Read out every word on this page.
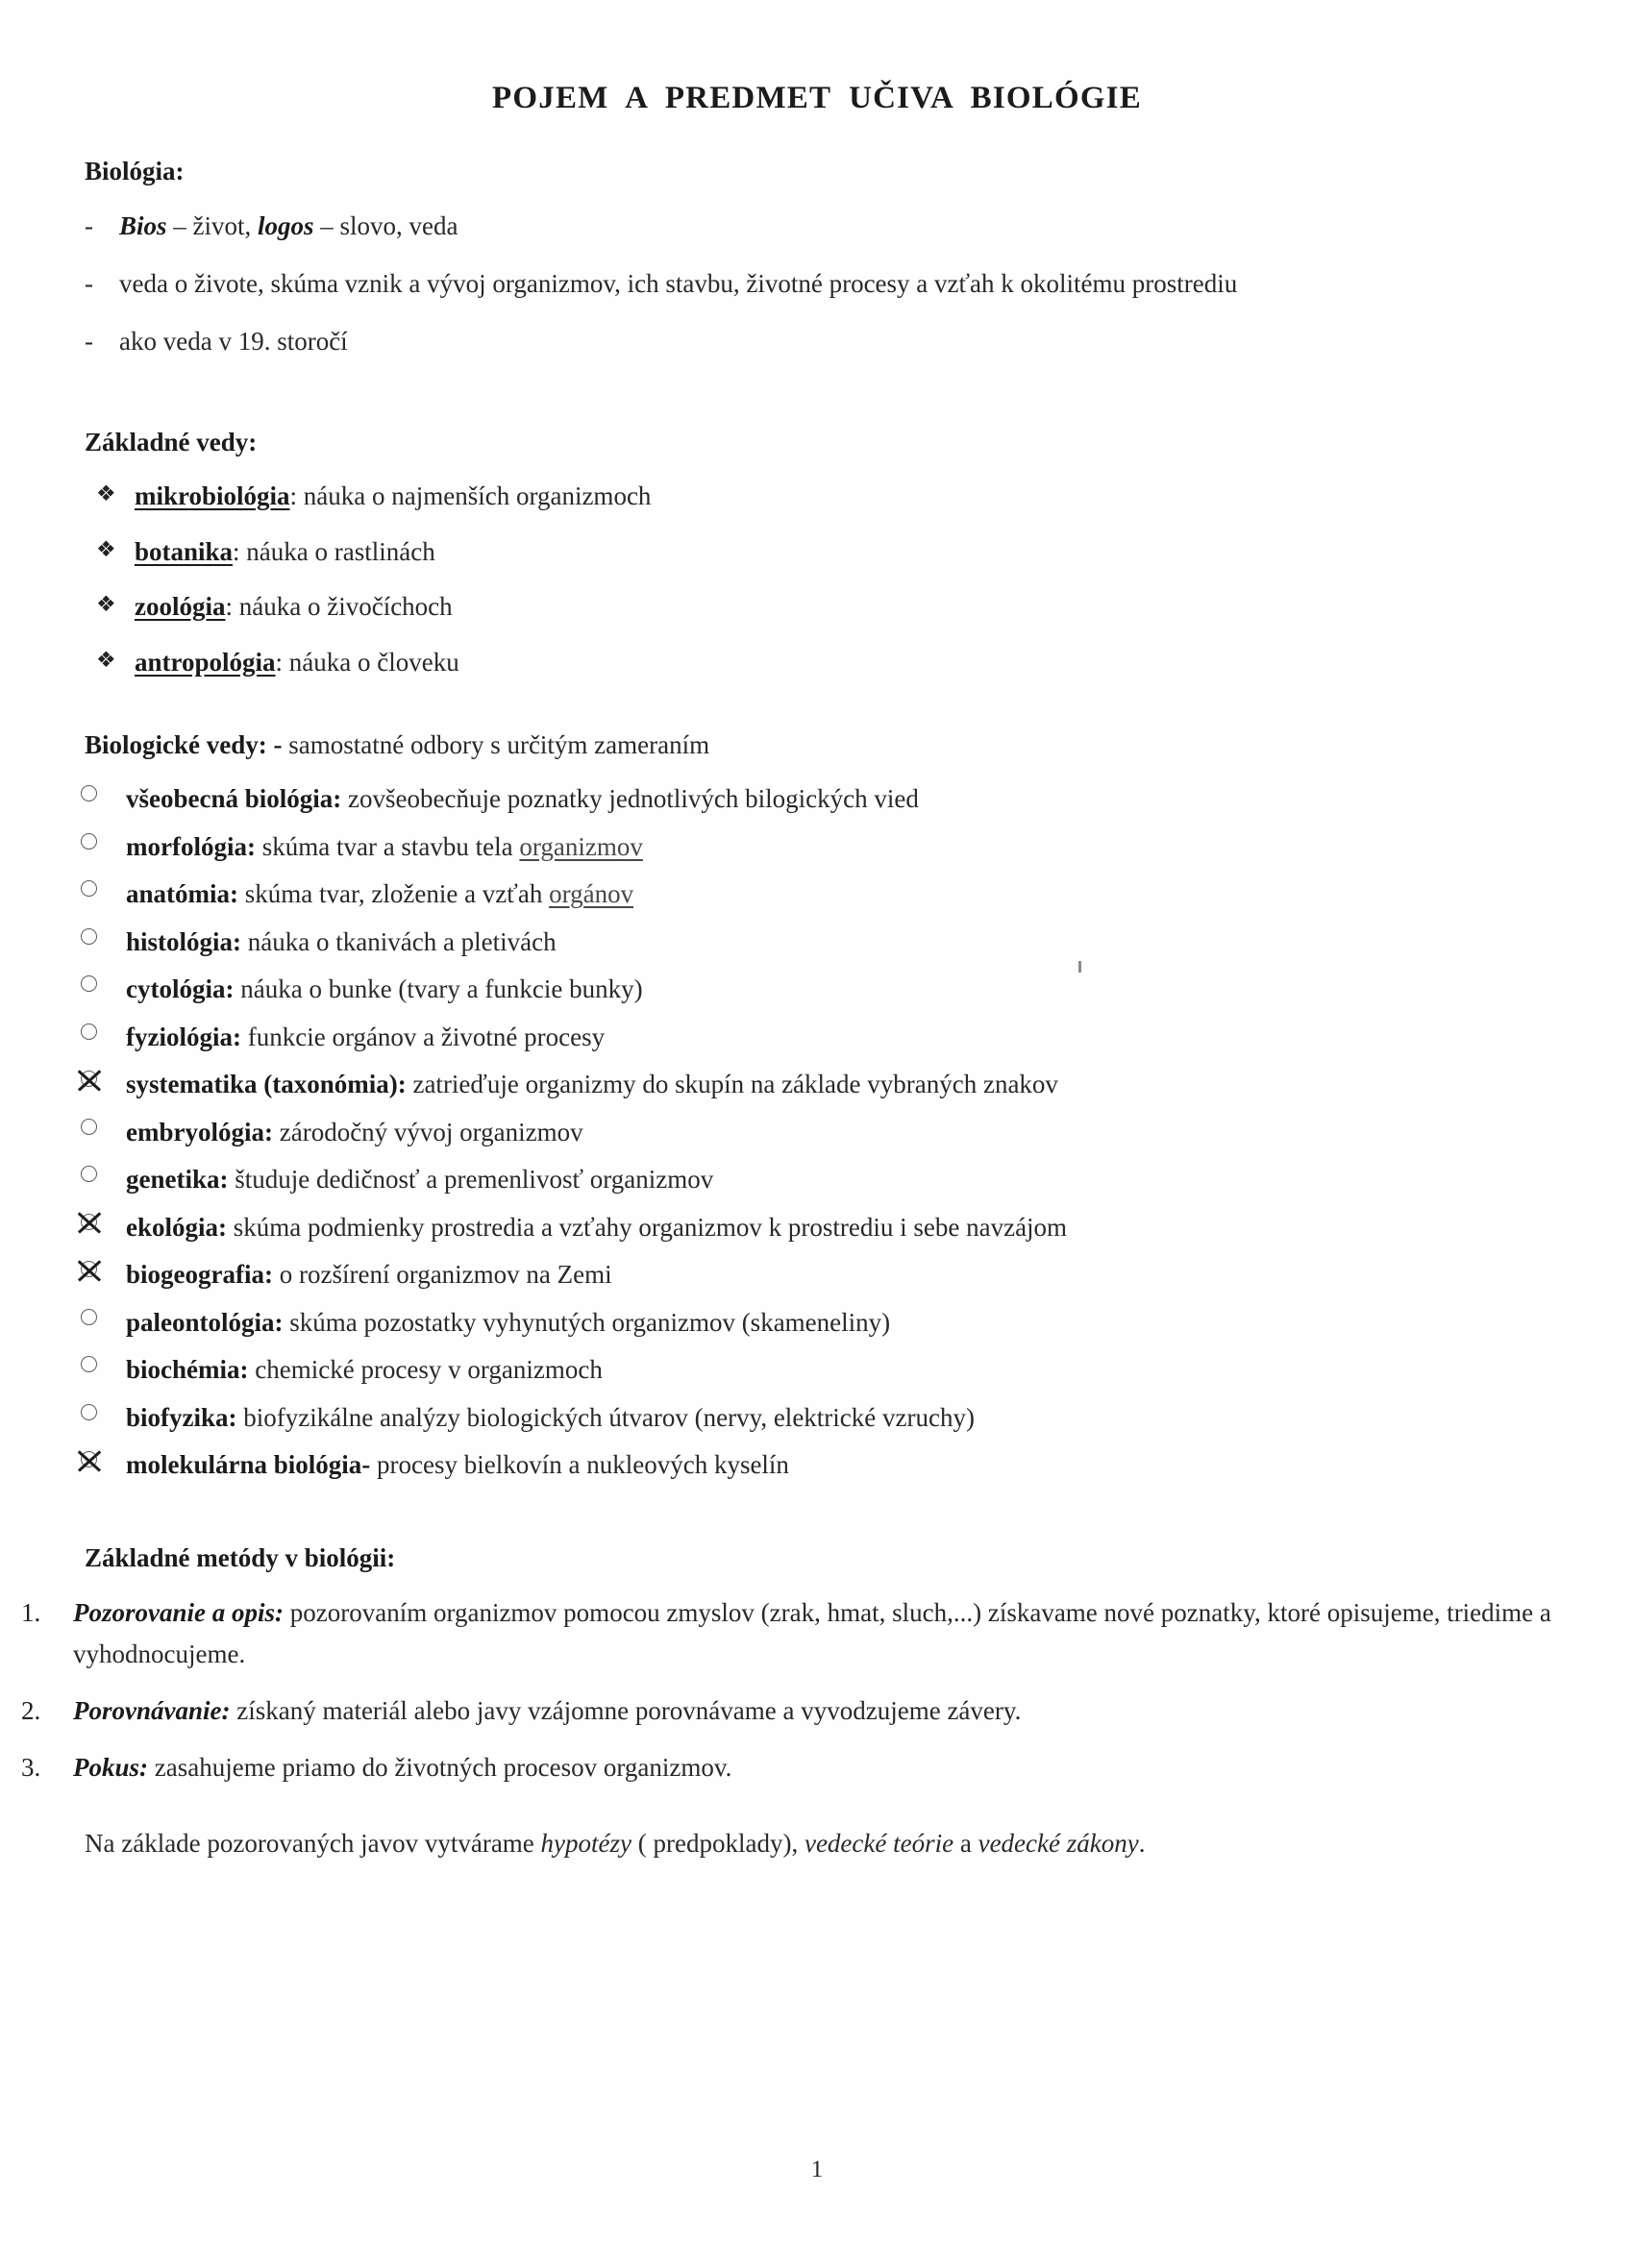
POJEM A PREDMET UČIVA BIOLÓGIE
Biológia:
- Bios – život, logos – slovo, veda
- veda o živote, skúma vznik a vývoj organizmov, ich stavbu, životné procesy a vzťah k okolitému prostrediu
- ako veda v 19. storočí
Základné vedy:
❖ mikrobiológia: náuka o najmenších organizmoch
❖ botanika: náuka o rastlinách
❖ zoológia: náuka o živočíchoch
❖ antropológia: náuka o človeku
Biologické vedy: - samostatné odbory s určitým zameraním
všeobecná biológia: zovšeobecňuje poznatky jednotlivých bilogických vied
morfológia: skúma tvar a stavbu tela organizmov
anatómia: skúma tvar, zloženie a vzťah orgánov
histológia: náuka o tkanivách a pletivách
cytológia: náuka o bunke (tvary a funkcie bunky)
fyziológia: funkcie orgánov a životné procesy
systematika (taxonómia): zatrieďuje organizmy do skupín na základe vybraných znakov
embryológia: zárodočný vývoj organizmov
genetika: študuje dedičnosť a premenlivosť organizmov
ekológia: skúma podmienky prostredia a vzťahy organizmov k prostrediu i sebe navzájom
biogeografia: o rozšírení organizmov na Zemi
paleontológia: skúma pozostatky vyhynutých organizmov (skameneliny)
biochémia: chemické procesy v organizmoch
biofyzika: biofyzikálne analýzy biologických útvarov (nervy, elektrické vzruchy)
molekulárna biológia- procesy bielkovín a nukleových kyselín
Základné metódy v biológii:
1. Pozorovanie a opis: pozorovaním organizmov pomocou zmyslov (zrak, hmat, sluch,...) získavame nové poznatky, ktoré opisujeme, triedime a vyhodnocujeme.
2. Porovnávanie: získaný materiál alebo javy vzájomne porovnávame a vyvodzujeme závery.
3. Pokus: zasahujeme priamo do životných procesov organizmov.
Na základe pozorovaných javov vytvárame hypotézy ( predpoklady), vedecké teórie a vedecké zákony.
1
